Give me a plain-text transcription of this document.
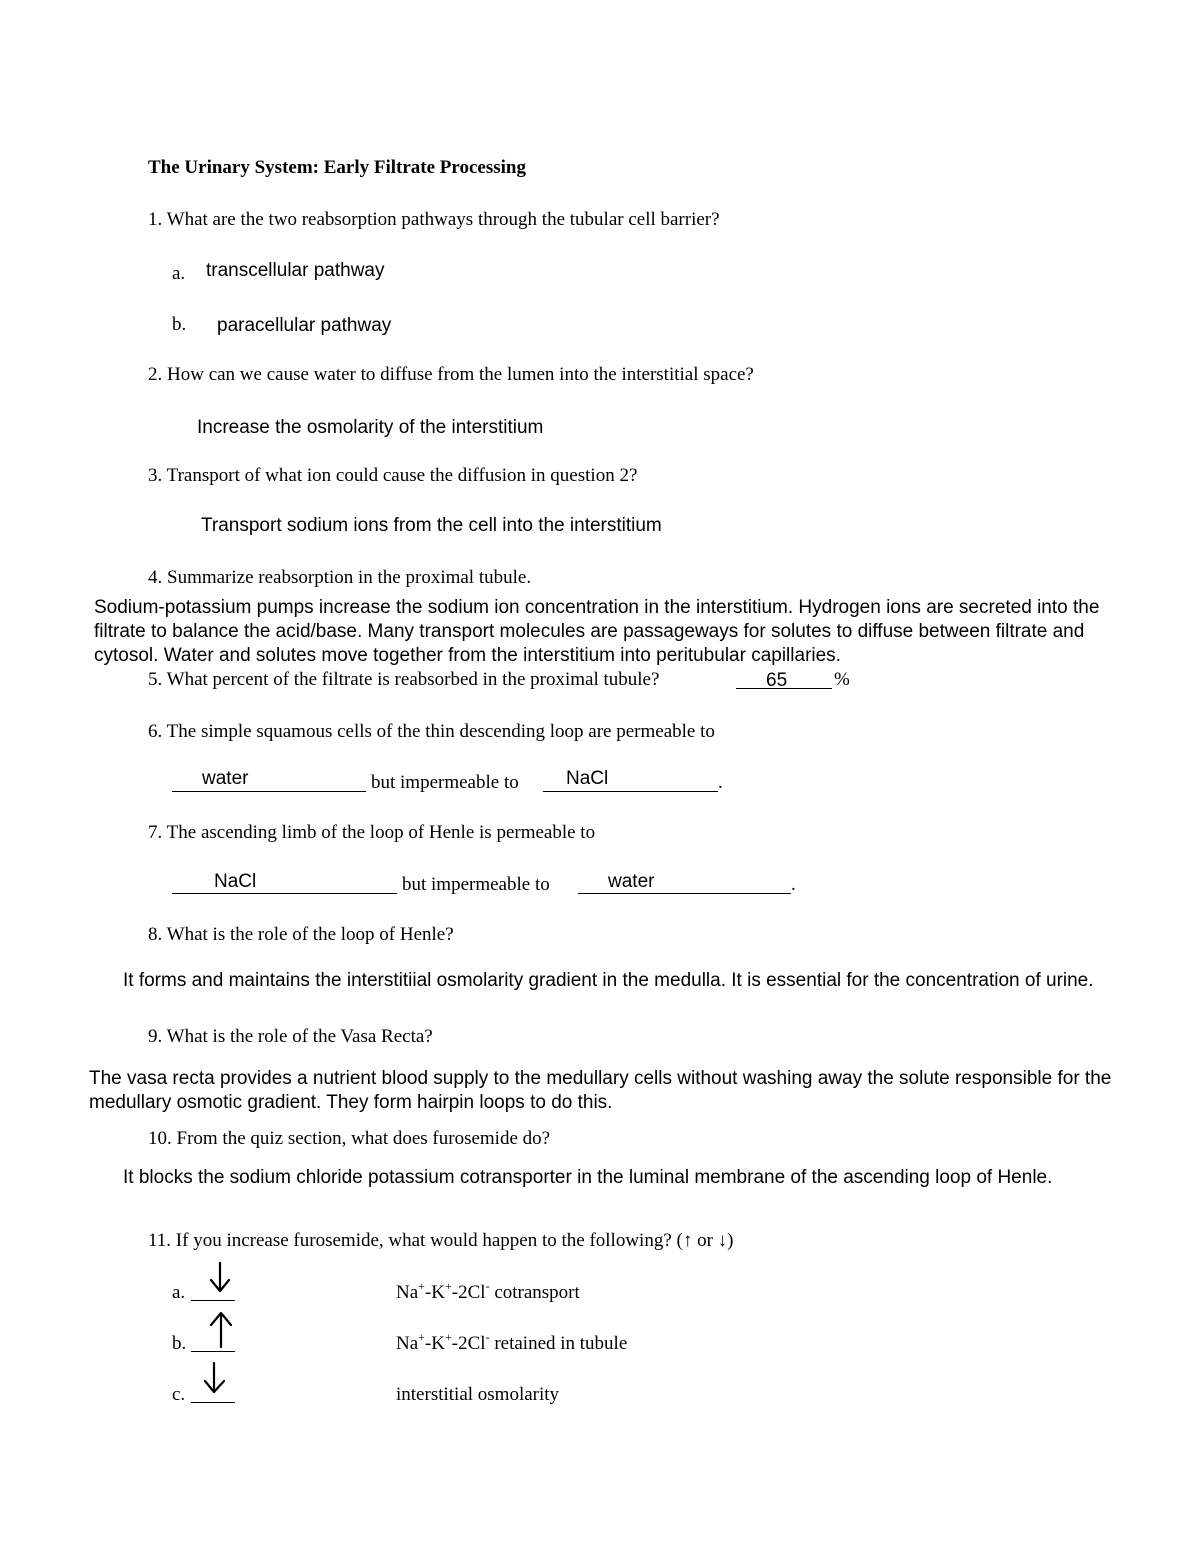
The Urinary System: Early Filtrate Processing
1. What are the two reabsorption pathways through the tubular cell barrier?
a. transcellular pathway
b. paracellular pathway
2. How can we cause water to diffuse from the lumen into the interstitial space?
Increase the osmolarity of the interstitium
3. Transport of what ion could cause the diffusion in question 2?
Transport sodium ions from the cell into the interstitium
4. Summarize reabsorption in the proximal tubule.
Sodium-potassium pumps increase the sodium ion concentration in the interstitium. Hydrogen ions are secreted into the filtrate to balance the acid/base. Many transport molecules are passageways for solutes to diffuse between filtrate and cytosol. Water and solutes move together from the interstitium into peritubular capillaries.
5. What percent of the filtrate is reabsorbed in the proximal tubule?	65 %
6. The simple squamous cells of the thin descending loop are permeable to
water	but impermeable to NaCl	.
7. The ascending limb of the loop of Henle is permeable to
NaCl	but impermeable to	water	.
8. What is the role of the loop of Henle?
It forms and maintains the interstitiial osmolarity gradient in the medulla. It is essential for the concentration of urine.
9. What is the role of the Vasa Recta?
The vasa recta provides a nutrient blood supply to the medullary cells without washing away the solute responsible for the medullary osmotic gradient. They form hairpin loops to do this.
10. From the quiz section, what does furosemide do?
It blocks the sodium chloride potassium cotransporter in the luminal membrane of the ascending loop of Henle.
11. If you increase furosemide, what would happen to the following? (↑ or ↓)
a.	Na+-K+-2Cl- cotransport
b.	Na+-K+-2Cl- retained in tubule
c.	interstitial osmolarity
